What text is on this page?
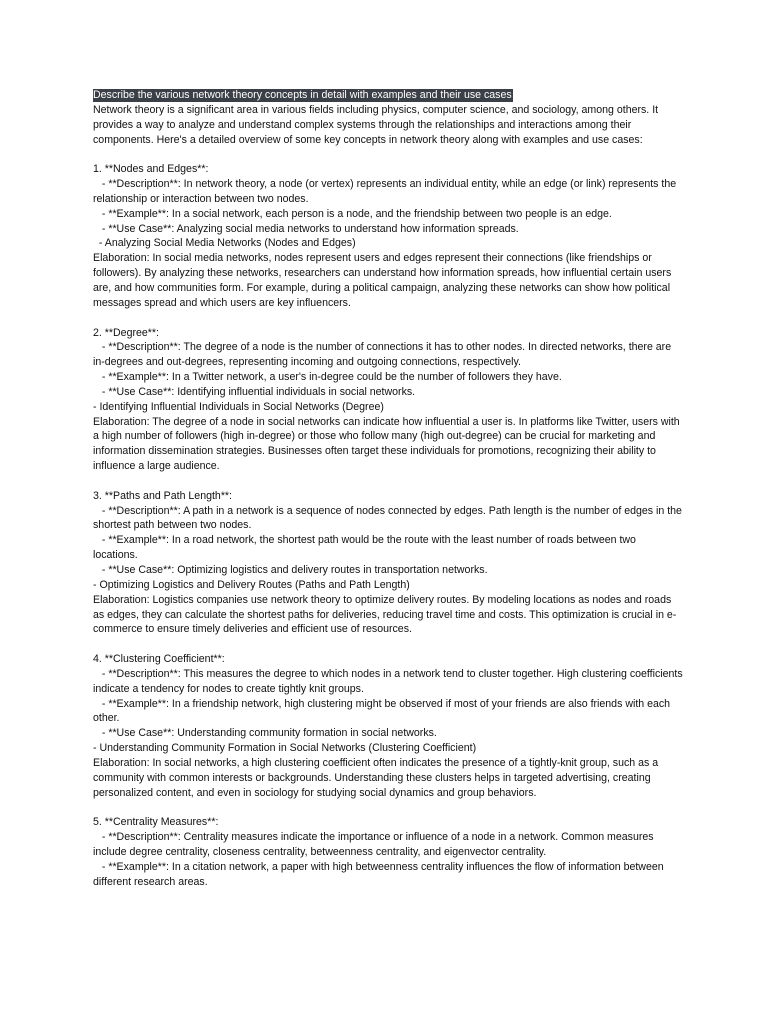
Describe the various network theory concepts in detail with examples and their use cases

Network theory is a significant area in various fields including physics, computer science, and sociology, among others. It provides a way to analyze and understand complex systems through the relationships and interactions among their components. Here's a detailed overview of some key concepts in network theory along with examples and use cases:

1. **Nodes and Edges**:

- **Description**: In network theory, a node (or vertex) represents an individual entity, while an edge (or link) represents the relationship or interaction between two nodes.

- **Example**: In a social network, each person is a node, and the friendship between two people is an edge.

- **Use Case**: Analyzing social media networks to understand how information spreads.

- Analyzing Social Media Networks (Nodes and Edges)

Elaboration: In social media networks, nodes represent users and edges represent their connections (like friendships or followers). By analyzing these networks, researchers can understand how information spreads, how influential certain users are, and how communities form. For example, during a political campaign, analyzing these networks can show how political messages spread and which users are key influencers.

2. **Degree**:

- **Description**: The degree of a node is the number of connections it has to other nodes. In directed networks, there are in-degrees and out-degrees, representing incoming and outgoing connections, respectively.

- **Example**: In a Twitter network, a user's in-degree could be the number of followers they have.

- **Use Case**: Identifying influential individuals in social networks.

- Identifying Influential Individuals in Social Networks (Degree)

Elaboration: The degree of a node in social networks can indicate how influential a user is. In platforms like Twitter, users with a high number of followers (high in-degree) or those who follow many (high out-degree) can be crucial for marketing and information dissemination strategies. Businesses often target these individuals for promotions, recognizing their ability to influence a large audience.

3. **Paths and Path Length**:

- **Description**: A path in a network is a sequence of nodes connected by edges. Path length is the number of edges in the shortest path between two nodes.

- **Example**: In a road network, the shortest path would be the route with the least number of roads between two locations.

- **Use Case**: Optimizing logistics and delivery routes in transportation networks.

- Optimizing Logistics and Delivery Routes (Paths and Path Length)

Elaboration: Logistics companies use network theory to optimize delivery routes. By modeling locations as nodes and roads as edges, they can calculate the shortest paths for deliveries, reducing travel time and costs. This optimization is crucial in e-commerce to ensure timely deliveries and efficient use of resources.

4. **Clustering Coefficient**:

- **Description**: This measures the degree to which nodes in a network tend to cluster together. High clustering coefficients indicate a tendency for nodes to create tightly knit groups.

- **Example**: In a friendship network, high clustering might be observed if most of your friends are also friends with each other.

- **Use Case**: Understanding community formation in social networks.

- Understanding Community Formation in Social Networks (Clustering Coefficient)

Elaboration: In social networks, a high clustering coefficient often indicates the presence of a tightly-knit group, such as a community with common interests or backgrounds. Understanding these clusters helps in targeted advertising, creating personalized content, and even in sociology for studying social dynamics and group behaviors.

5. **Centrality Measures**:

- **Description**: Centrality measures indicate the importance or influence of a node in a network. Common measures include degree centrality, closeness centrality, betweenness centrality, and eigenvector centrality.

- **Example**: In a citation network, a paper with high betweenness centrality influences the flow of information between different research areas.
